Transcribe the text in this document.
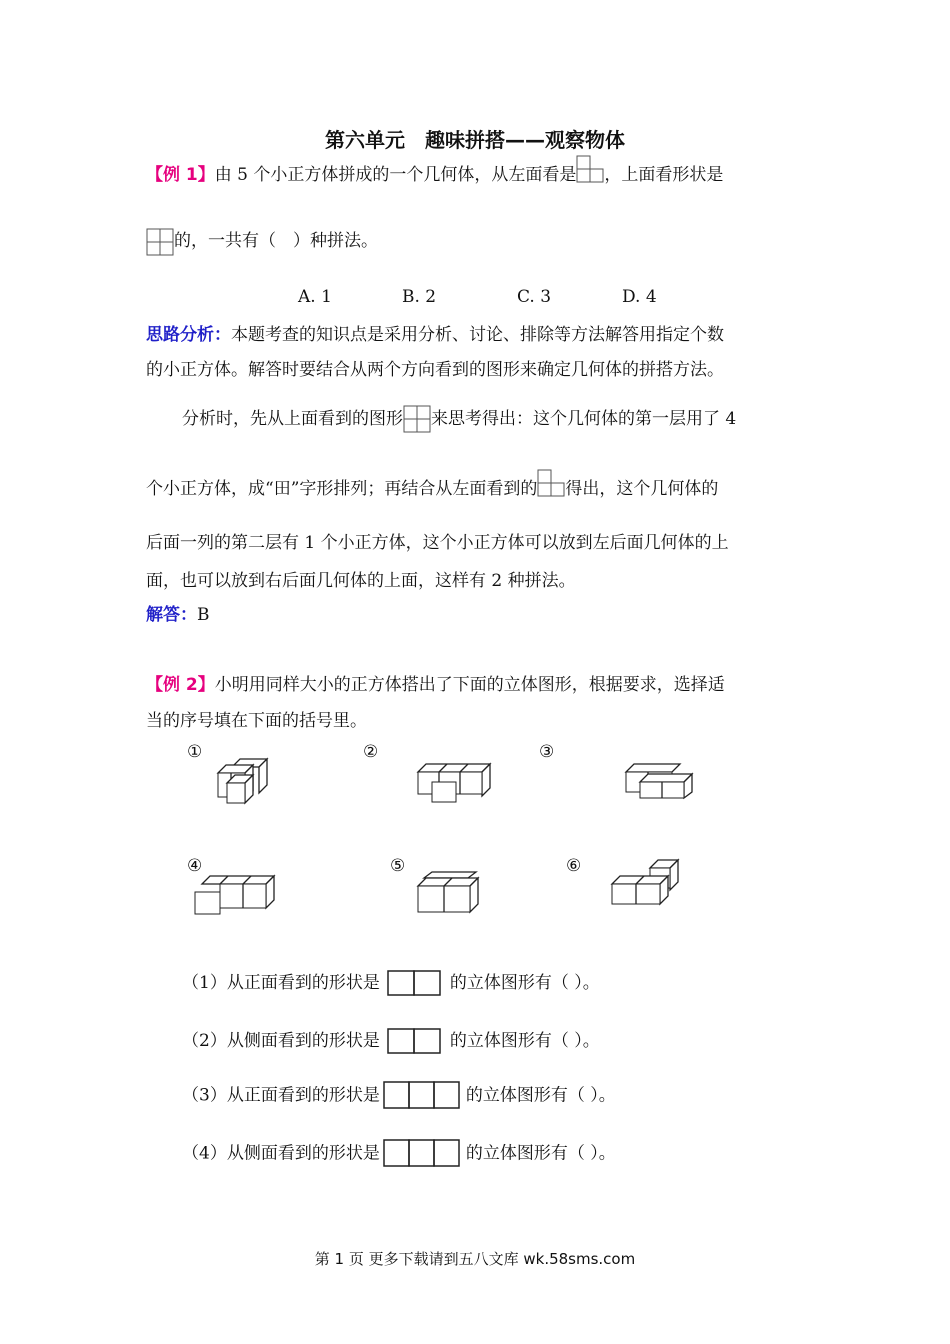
第六单元　趣味拼搭——观察物体
【例 1】由 5 个小正方体拼成的一个几何体，从左面看是 ，上面看形状是
的，一共有（　）种拼法。
A. 1	B. 2	C. 3	D. 4
思路分析：本题考查的知识点是采用分析、讨论、排除等方法解答用指定个数
的小正方体。解答时要结合从两个方向看到的图形来确定几何体的拼搭方法。
分析时，先从上面看到的图形 来思考得出：这个几何体的第一层用了 4
个小正方体，成“田”字形排列；再结合从左面看到的 得出，这个几何体的
后面一列的第二层有 1 个小正方体，这个小正方体可以放到左后面几何体的上
面，也可以放到右后面几何体的上面，这样有 2 种拼法。
解答：B
【例 2】小明用同样大小的正方体搭出了下面的立体图形，根据要求，选择适
当的序号填在下面的括号里。
①	②	③
④	⑤	⑥
（1）从正面看到的形状是	的立体图形有（ ）。
（2）从侧面看到的形状是	的立体图形有（ ）。
（3）从正面看到的形状是	的立体图形有（ ）。
（4）从侧面看到的形状是	的立体图形有（ ）。
第 1 页 更多下载请到五八文库 wk.58sms.com
